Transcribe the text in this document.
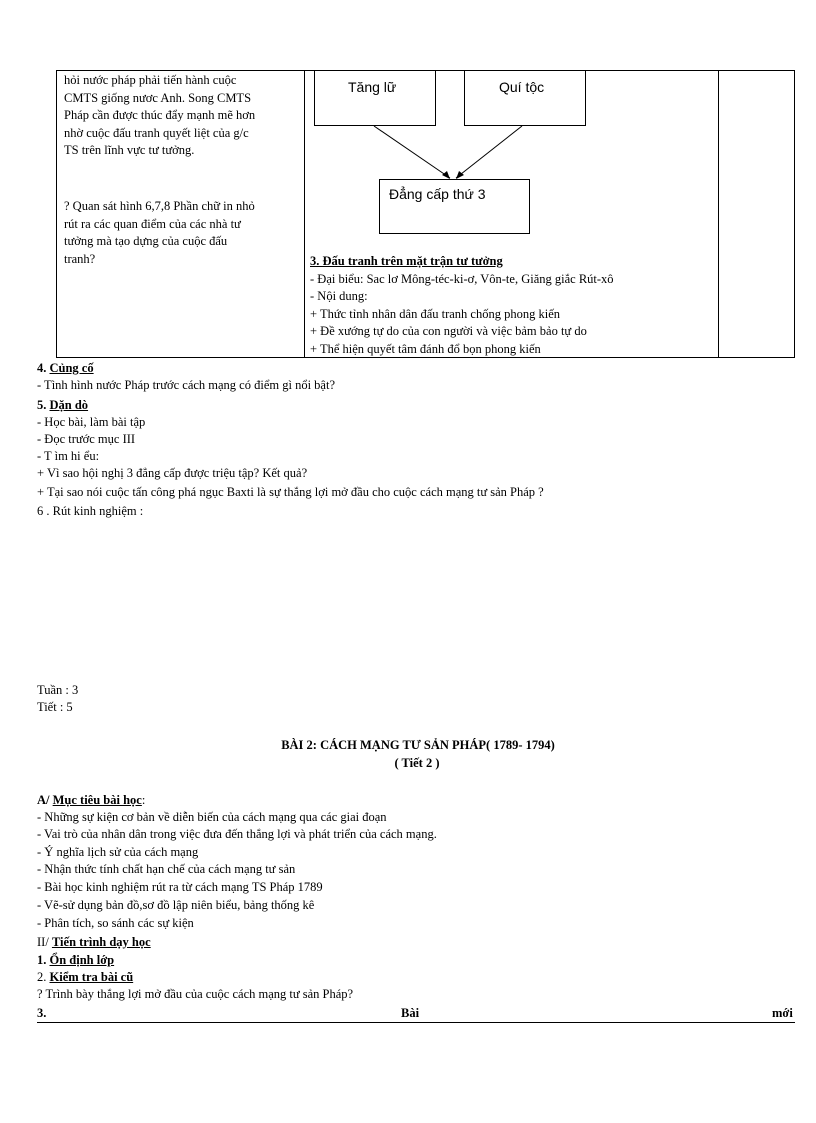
hỏi nước pháp phải tiến hành cuộc
CMTS giống nươc Anh. Song CMTS
Pháp cần được thúc đẩy mạnh mẽ hơn
nhờ cuộc đấu tranh quyết liệt của g/c
TS trên lĩnh vực tư tưởng.
? Quan sát hình 6,7,8 Phần chữ in nhỏ
rút ra các quan điểm của các nhà tư
tưởng mà tạo dựng của cuộc đấu
tranh?
Tăng lữ	Quí tộc
Đẳng cấp thứ 3
3. Đấu tranh trên mặt trận tư tưởng
- Đại biểu: Sac lơ Mông-téc-ki-ơ, Vôn-te, Giăng giắc Rút-xô
- Nội dung:
+ Thức tỉnh nhân dân đấu tranh chống phong kiến
+ Đề xướng tự do của con người và việc bảm bảo tự do
+ Thể hiện quyết tâm đánh đổ bọn phong kiến
4. Củng cố
- Tình hình nước Pháp trước cách mạng có điểm gì nổi bật?
5. Dặn dò
- Học bài, làm bài tập
- Đọc trước mục III
- T ìm hi ểu:
+ Vì sao hội nghị 3 đẳng cấp được triệu tập? Kết quả?
+ Tại sao nói cuộc tấn công phá ngục Baxti là sự thắng lợi mở đầu cho cuộc cách mạng tư sản Pháp ?
6 . Rút kinh nghiệm :
Tuần : 3
Tiết : 5
BÀI 2: CÁCH MẠNG TƯ SẢN PHÁP( 1789- 1794)
( Tiết 2 )
A/ Mục tiêu bài học:
- Những sự kiện cơ bản về diễn biến của cách mạng qua các giai đoạn
- Vai trò của nhân dân trong việc đưa đến thắng lợi và phát triển của cách mạng.
- Ý nghĩa lịch sử của cách mạng
- Nhận thức tính chất hạn chế của cách mạng tư sản
- Bài học kinh nghiệm rút ra từ cách mạng TS Pháp 1789
- Vẽ-sử dụng bản đồ,sơ đồ lập niên biểu, bảng thống kê
- Phân tích, so sánh các sự kiện
II/ Tiến trình dạy học
1. Ổn định lớp
2. Kiểm tra bài cũ
? Trình bày thắng lợi mở đầu của cuộc cách mạng tư sản Pháp?
3.	Bài	mới
